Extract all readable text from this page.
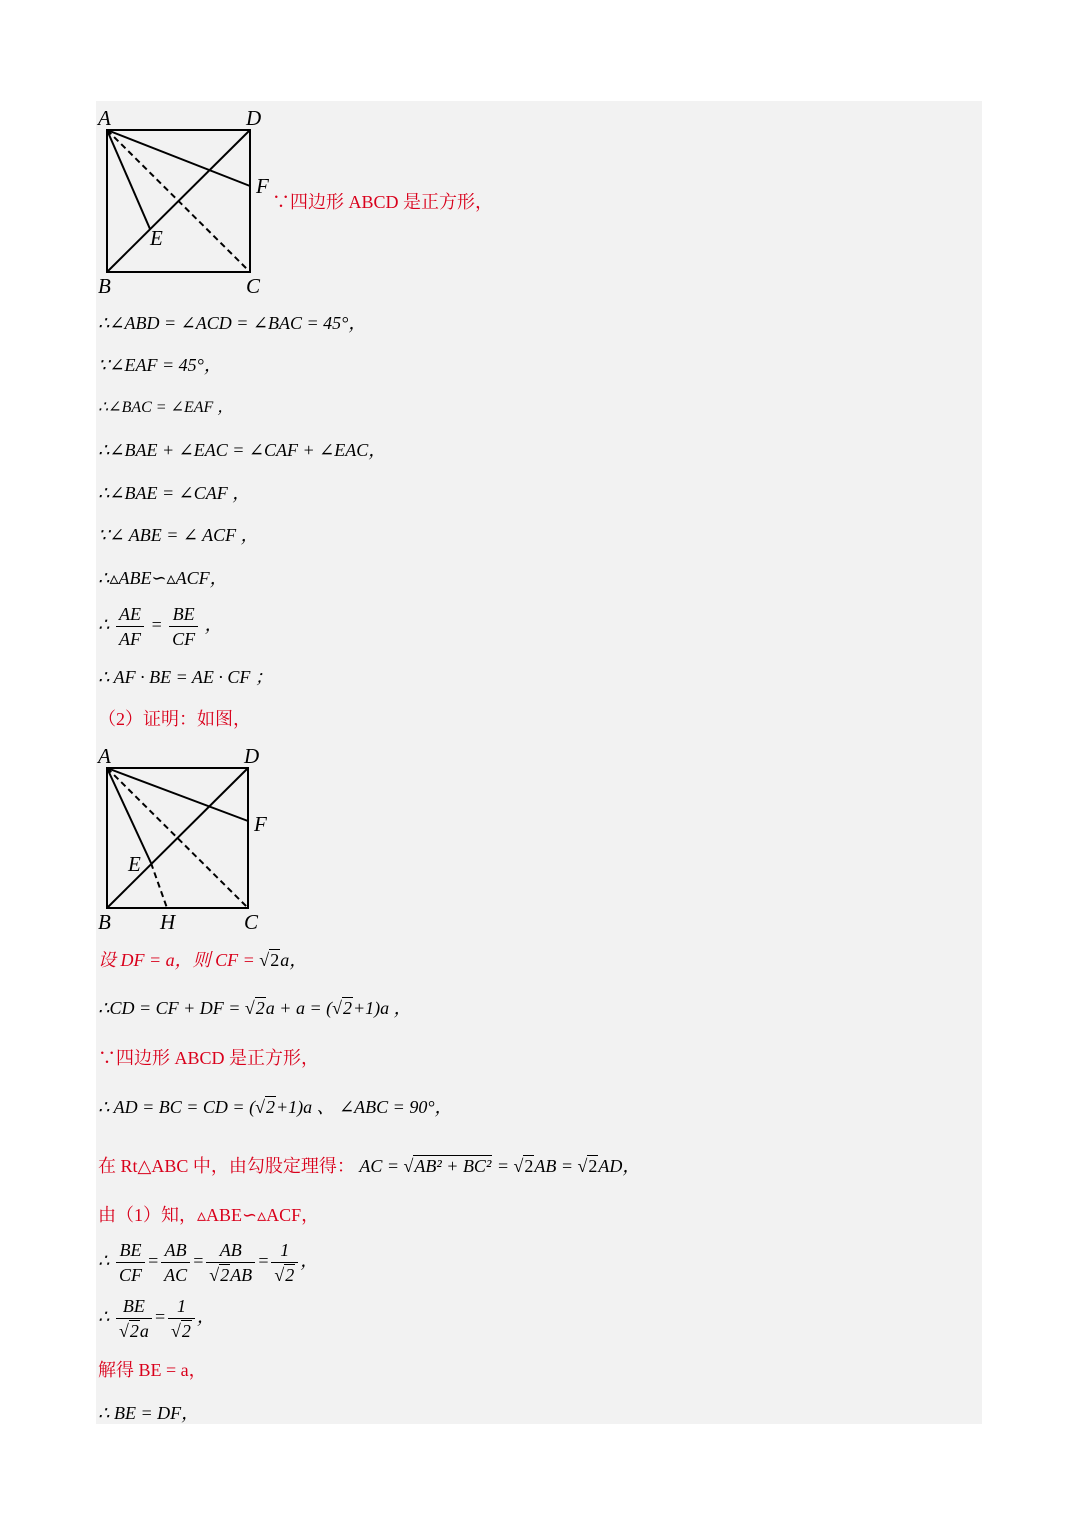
A	D
F
E
B	C
∵四边形 ABCD 是正方形，
∴∠ABD = ∠ACD = ∠BAC = 45°，
∵∠EAF = 45°，
∴∠BAC = ∠EAF ，
∴∠BAE + ∠EAC = ∠CAF + ∠EAC，
∴∠BAE = ∠CAF ，
∵∠ ABE = ∠ ACF ，
∴▵ABE∽▵ACF，
∴ $\frac{AE}{AF} = \frac{BE}{CF}$ ，
∴ AF · BE = AE · CF ；
（2）证明：如图，
A	D
F
E
B H	C
设 DF = a，则 CF = √2a，
∴CD = CF + DF = √2a + a = (√2+1)a ，
∵四边形 ABCD 是正方形，
∴ AD = BC = CD = (√2+1)a 、 ∠ABC = 90°，
在 Rt△ABC 中，由勾股定理得： AC = √AB² + BC² = √2AB = √2AD，
由（1）知，▵ABE∽▵ACF，
∴ $\frac{BE}{CF} = \frac{AB}{AC} = \frac{AB}{√2AB} = \frac{1}{√2}$ ，
∴ $\frac{BE}{√2a} = \frac{1}{√2}$ ，
解得 BE = a，
∴ BE = DF，
